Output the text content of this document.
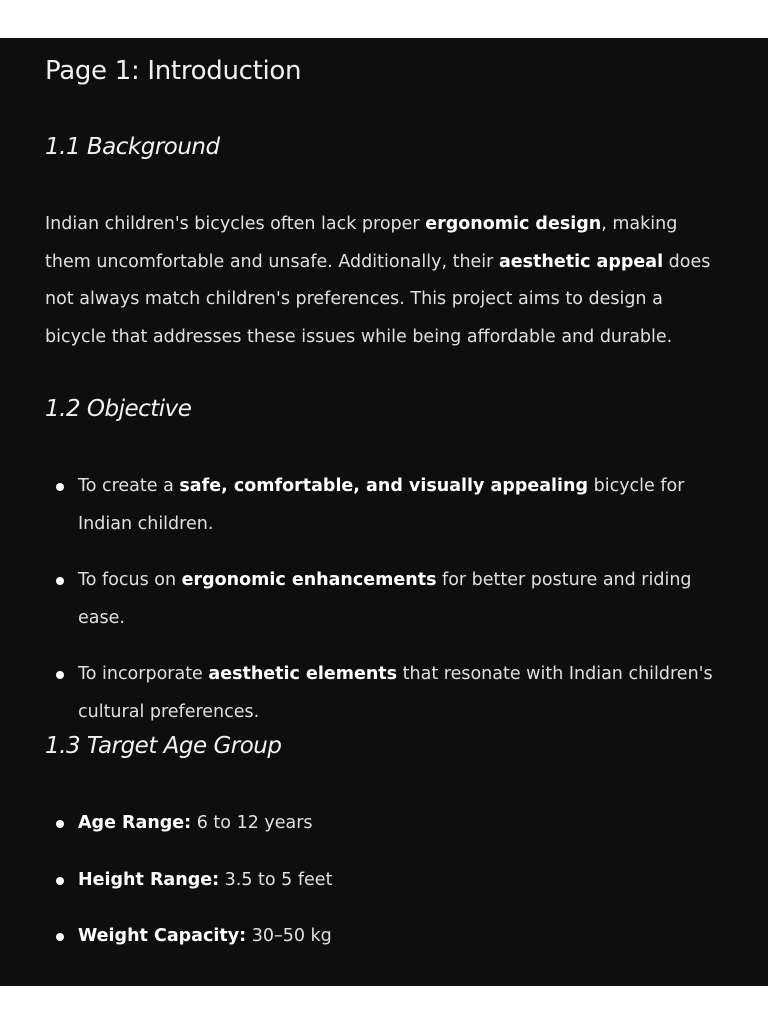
Page 1: Introduction
1.1 Background

Indian children's bicycles often lack proper ergonomic design, making them uncomfortable and unsafe. Additionally, their aesthetic appeal does not always match children's preferences. This project aims to design a bicycle that addresses these issues while being affordable and durable.

1.2 Objective
To create a safe, comfortable, and visually appealing bicycle for Indian children.
To focus on ergonomic enhancements for better posture and riding ease.
To incorporate aesthetic elements that resonate with Indian children's cultural preferences.
1.3 Target Age Group
Age Range: 6 to 12 years
Height Range: 3.5 to 5 feet
Weight Capacity: 30–50 kg
